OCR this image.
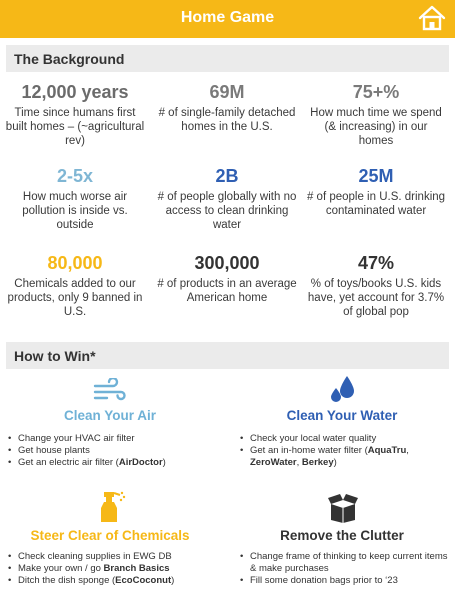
Home Game
The Background
12,000 years
Time since humans first built homes – (~agricultural rev)
69M
# of single-family detached homes in the U.S.
75+%
How much time we spend (& increasing) in our homes
2-5x
How much worse air pollution is inside vs. outside
2B
# of people globally with no access to clean drinking water
25M
# of people in U.S. drinking contaminated water
80,000
Chemicals added to our products, only 9 banned in U.S.
300,000
# of products in an average American home
47%
% of toys/books U.S. kids have, yet account for 3.7% of global pop
How to Win*
Clean Your Air
• Change your HVAC air filter
• Get house plants
• Get an electric air filter (AirDoctor)
Clean Your Water
• Check your local water quality
• Get an in-home water filter (AquaTru, ZeroWater, Berkey)
Steer Clear of Chemicals
• Check cleaning supplies in EWG DB
• Make your own / go Branch Basics
• Ditch the dish sponge (EcoCoconut)
Remove the Clutter
• Change frame of thinking to keep current items & make purchases
• Fill some donation bags prior to ‘23
